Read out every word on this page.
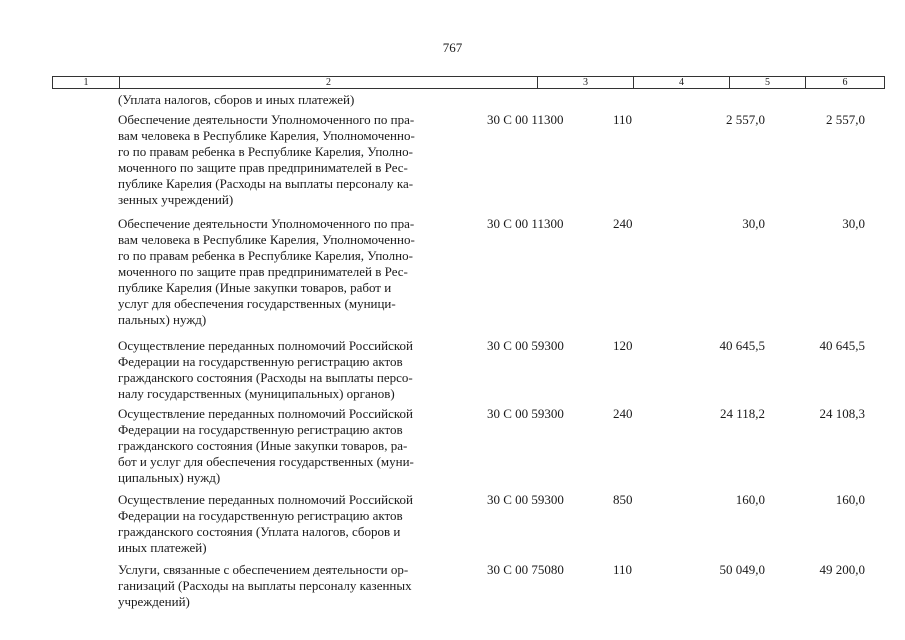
767
1	2	3	4	5	6
(Уплата налогов, сборов и иных платежей)
Обеспечение деятельности Уполномоченного по пра-
вам человека в Республике Карелия, Уполномоченно-
го по правам ребенка в Республике Карелия, Уполно-
моченного по защите прав предпринимателей в Рес-
публике Карелия (Расходы на выплаты персоналу ка-
зенных учреждений)
30 С 00 11300	110	2 557,0	2 557,0
Обеспечение деятельности Уполномоченного по пра-
вам человека в Республике Карелия, Уполномоченно-
го по правам ребенка в Республике Карелия, Уполно-
моченного по защите прав предпринимателей в Рес-
публике Карелия (Иные закупки товаров, работ и
услуг для обеспечения государственных (муници-
пальных) нужд)
30 С 00 11300	240	30,0	30,0
Осуществление переданных полномочий Российской
Федерации на государственную регистрацию актов
гражданского состояния (Расходы на выплаты персо-
налу государственных (муниципальных) органов)
30 С 00 59300	120	40 645,5	40 645,5
Осуществление переданных полномочий Российской
Федерации на государственную регистрацию актов
гражданского состояния (Иные закупки товаров, ра-
бот и услуг для обеспечения государственных (муни-
ципальных) нужд)
30 С 00 59300	240	24 118,2	24 108,3
Осуществление переданных полномочий Российской
Федерации на государственную регистрацию актов
гражданского состояния (Уплата налогов, сборов и
иных платежей)
30 С 00 59300	850	160,0	160,0
Услуги, связанные с обеспечением деятельности ор-
ганизаций (Расходы на выплаты персоналу казенных
учреждений)
30 С 00 75080	110	50 049,0	49 200,0
